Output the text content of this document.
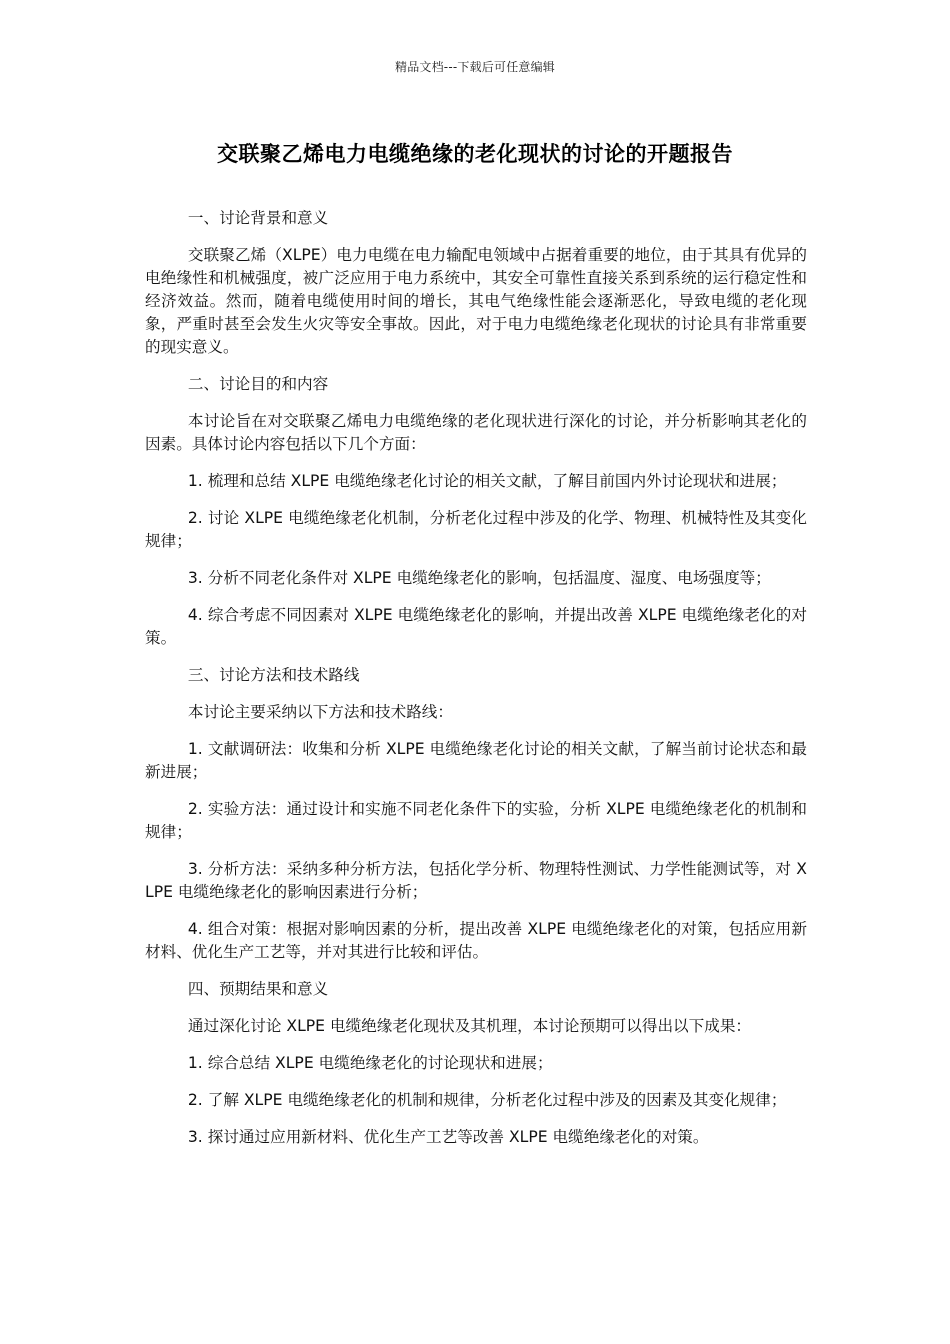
精品文档---下载后可任意编辑
交联聚乙烯电力电缆绝缘的老化现状的讨论的开题报告

一、讨论背景和意义

交联聚乙烯（XLPE）电力电缆在电力输配电领域中占据着重要的地位，由于其具有优异的电绝缘性和机械强度，被广泛应用于电力系统中，其安全可靠性直接关系到系统的运行稳定性和经济效益。然而，随着电缆使用时间的增长，其电气绝缘性能会逐渐恶化，导致电缆的老化现象，严重时甚至会发生火灾等安全事故。因此，对于电力电缆绝缘老化现状的讨论具有非常重要的现实意义。

二、讨论目的和内容

本讨论旨在对交联聚乙烯电力电缆绝缘的老化现状进行深化的讨论，并分析影响其老化的因素。具体讨论内容包括以下几个方面：

1. 梳理和总结 XLPE 电缆绝缘老化讨论的相关文献，了解目前国内外讨论现状和进展；

2. 讨论 XLPE 电缆绝缘老化机制，分析老化过程中涉及的化学、物理、机械特性及其变化规律；

3. 分析不同老化条件对 XLPE 电缆绝缘老化的影响，包括温度、湿度、电场强度等；

4. 综合考虑不同因素对 XLPE 电缆绝缘老化的影响，并提出改善 XLPE 电缆绝缘老化的对策。

三、讨论方法和技术路线

本讨论主要采纳以下方法和技术路线：

1. 文献调研法：收集和分析 XLPE 电缆绝缘老化讨论的相关文献，了解当前讨论状态和最新进展；

2. 实验方法：通过设计和实施不同老化条件下的实验，分析 XLPE 电缆绝缘老化的机制和规律；

3. 分析方法：采纳多种分析方法，包括化学分析、物理特性测试、力学性能测试等，对 XLPE 电缆绝缘老化的影响因素进行分析；

4. 组合对策：根据对影响因素的分析，提出改善 XLPE 电缆绝缘老化的对策，包括应用新材料、优化生产工艺等，并对其进行比较和评估。

四、预期结果和意义

通过深化讨论 XLPE 电缆绝缘老化现状及其机理，本讨论预期可以得出以下成果：

1. 综合总结 XLPE 电缆绝缘老化的讨论现状和进展；

2. 了解 XLPE 电缆绝缘老化的机制和规律，分析老化过程中涉及的因素及其变化规律；

3. 探讨通过应用新材料、优化生产工艺等改善 XLPE 电缆绝缘老化的对策。
